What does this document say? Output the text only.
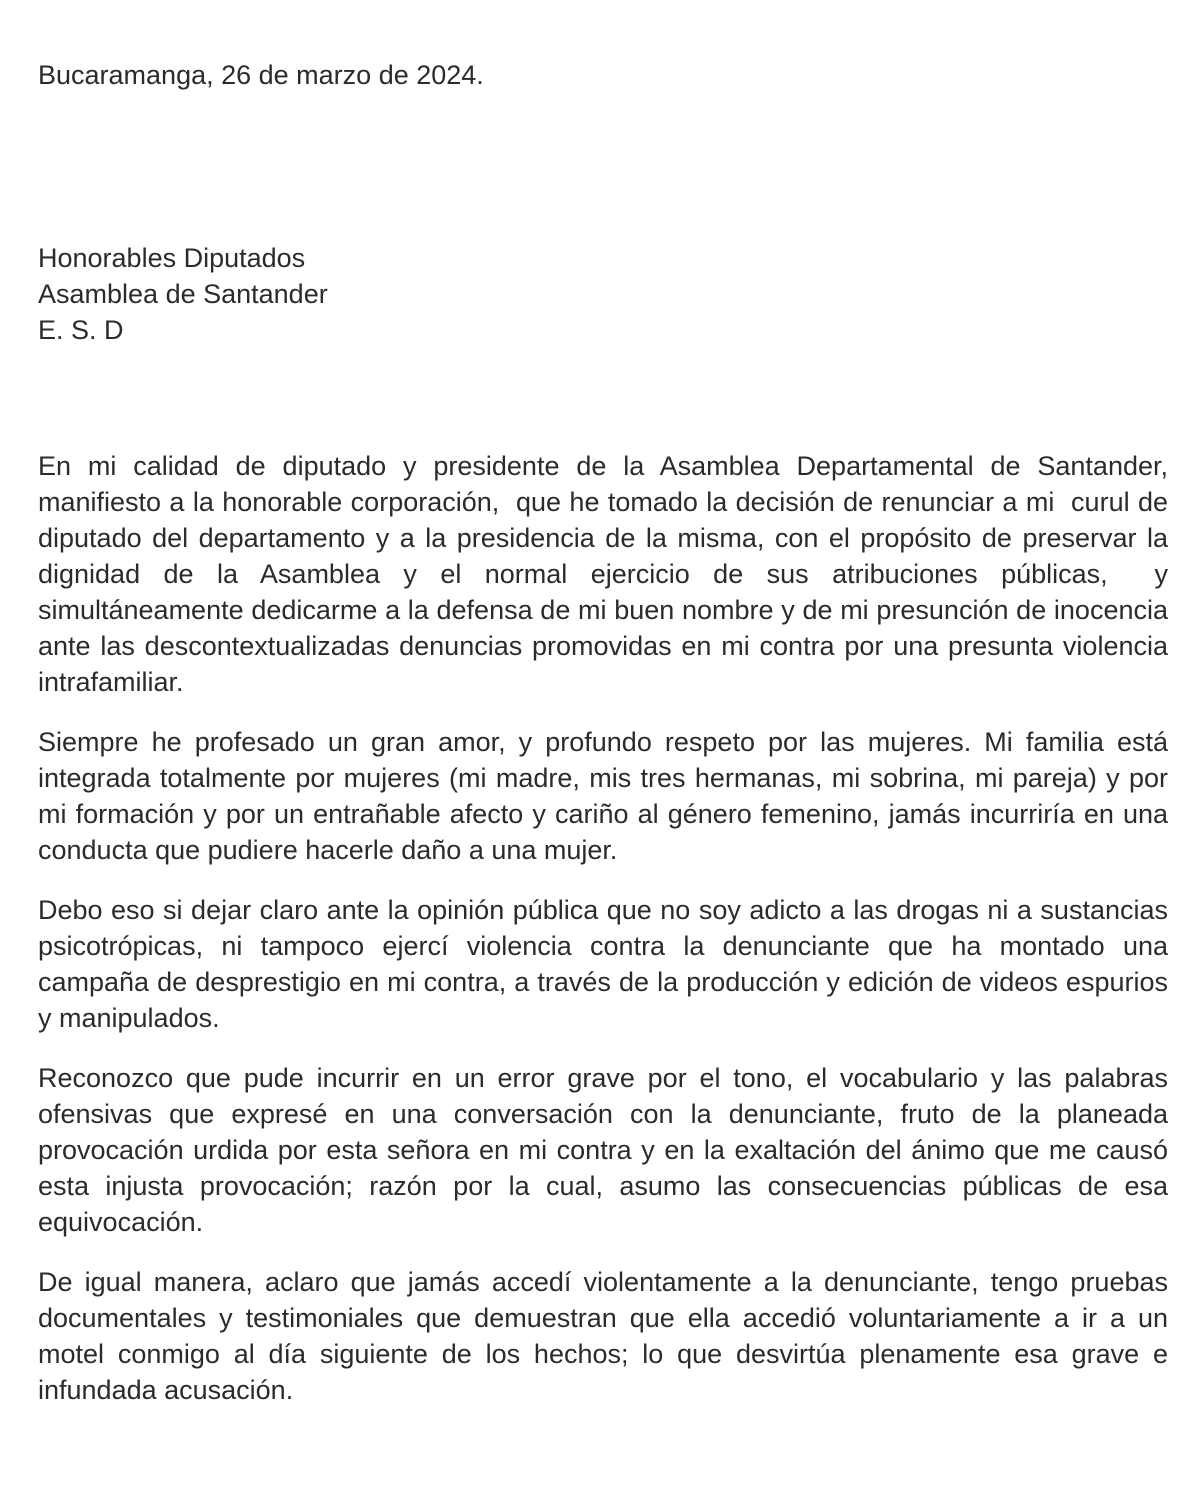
Bucaramanga, 26 de marzo de 2024.
Honorables Diputados
Asamblea de Santander
E. S. D

En mi calidad de diputado y presidente de la Asamblea Departamental de Santander, manifiesto a la honorable corporación,  que he tomado la decisión de renunciar a mi  curul de diputado del departamento y a la presidencia de la misma, con el propósito de preservar la dignidad de la Asamblea y el normal ejercicio de sus atribuciones públicas,  y simultáneamente dedicarme a la defensa de mi buen nombre y de mi presunción de inocencia ante las descontextualizadas denuncias promovidas en mi contra por una presunta violencia intrafamiliar.

Siempre he profesado un gran amor, y profundo respeto por las mujeres. Mi familia está integrada totalmente por mujeres (mi madre, mis tres hermanas, mi sobrina, mi pareja) y por mi formación y por un entrañable afecto y cariño al género femenino, jamás incurriría en una conducta que pudiere hacerle daño a una mujer.

Debo eso si dejar claro ante la opinión pública que no soy adicto a las drogas ni a sustancias psicotrópicas, ni tampoco ejercí violencia contra la denunciante que ha montado una campaña de desprestigio en mi contra, a través de la producción y edición de videos espurios y manipulados.

Reconozco que pude incurrir en un error grave por el tono, el vocabulario y las palabras ofensivas que expresé en una conversación con la denunciante, fruto de la planeada provocación urdida por esta señora en mi contra y en la exaltación del ánimo que me causó esta injusta provocación; razón por la cual, asumo las consecuencias públicas de esa equivocación.

De igual manera, aclaro que jamás accedí violentamente a la denunciante, tengo pruebas documentales y testimoniales que demuestran que ella accedió voluntariamente a ir a un motel conmigo al día siguiente de los hechos; lo que desvirtúa plenamente esa grave e infundada acusación.
